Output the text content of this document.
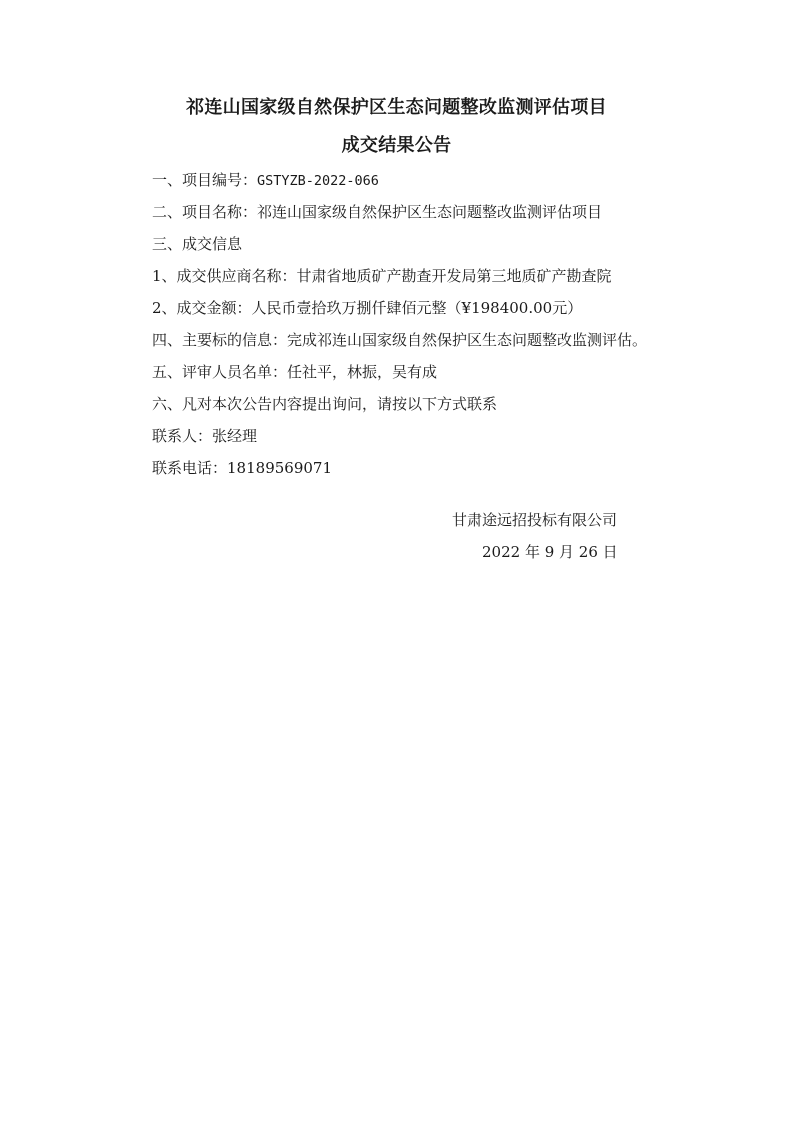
祁连山国家级自然保护区生态问题整改监测评估项目
成交结果公告
一、项目编号：GSTYZB-2022-066
二、项目名称：祁连山国家级自然保护区生态问题整改监测评估项目
三、成交信息
1、成交供应商名称：甘肃省地质矿产勘查开发局第三地质矿产勘查院
2、成交金额：人民币壹拾玖万捌仟肆佰元整（¥198400.00元）
四、主要标的信息：完成祁连山国家级自然保护区生态问题整改监测评估。
五、评审人员名单：任社平，林振，吴有成
六、凡对本次公告内容提出询问，请按以下方式联系
联系人：张经理
联系电话：18189569071
甘肃途远招投标有限公司
2022 年 9 月 26 日
